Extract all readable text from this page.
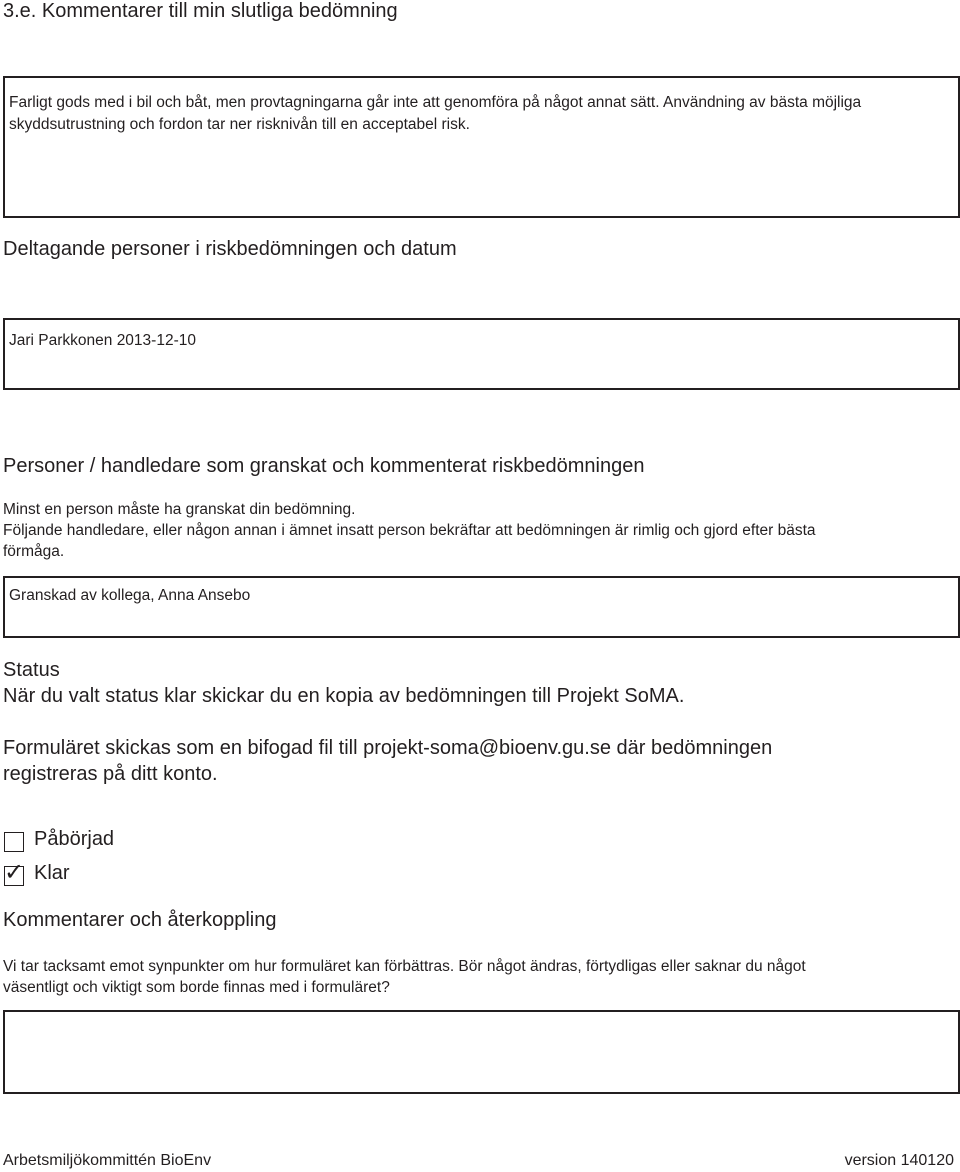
3.e. Kommentarer till min slutliga bedömning
Farligt gods med i bil och båt, men provtagningarna går inte att genomföra på något annat sätt. Användning av bästa möjliga
skyddsutrustning och fordon tar ner risknivån till en acceptabel risk.
Deltagande personer i riskbedömningen och datum
Jari Parkkonen 2013-12-10
Personer / handledare som granskat och kommenterat riskbedömningen
Minst en person måste ha granskat din bedömning.
Följande handledare, eller någon annan i ämnet insatt person bekräftar att bedömningen är rimlig och gjord efter bästa
förmåga.
Granskad av kollega, Anna Ansebo
Status
När du valt status klar skickar du en kopia av bedömningen till Projekt SoMA.
Formuläret skickas som en bifogad fil till projekt-soma@bioenv.gu.se där bedömningen
registreras på ditt konto.
Påbörjad
✓ Klar
Kommentarer och återkoppling
Vi tar tacksamt emot synpunkter om hur formuläret kan förbättras. Bör något ändras, förtydligas eller saknar du något
väsentligt och viktigt som borde finnas med i formuläret?
Arbetsmiljökommittén BioEnv	version 140120
